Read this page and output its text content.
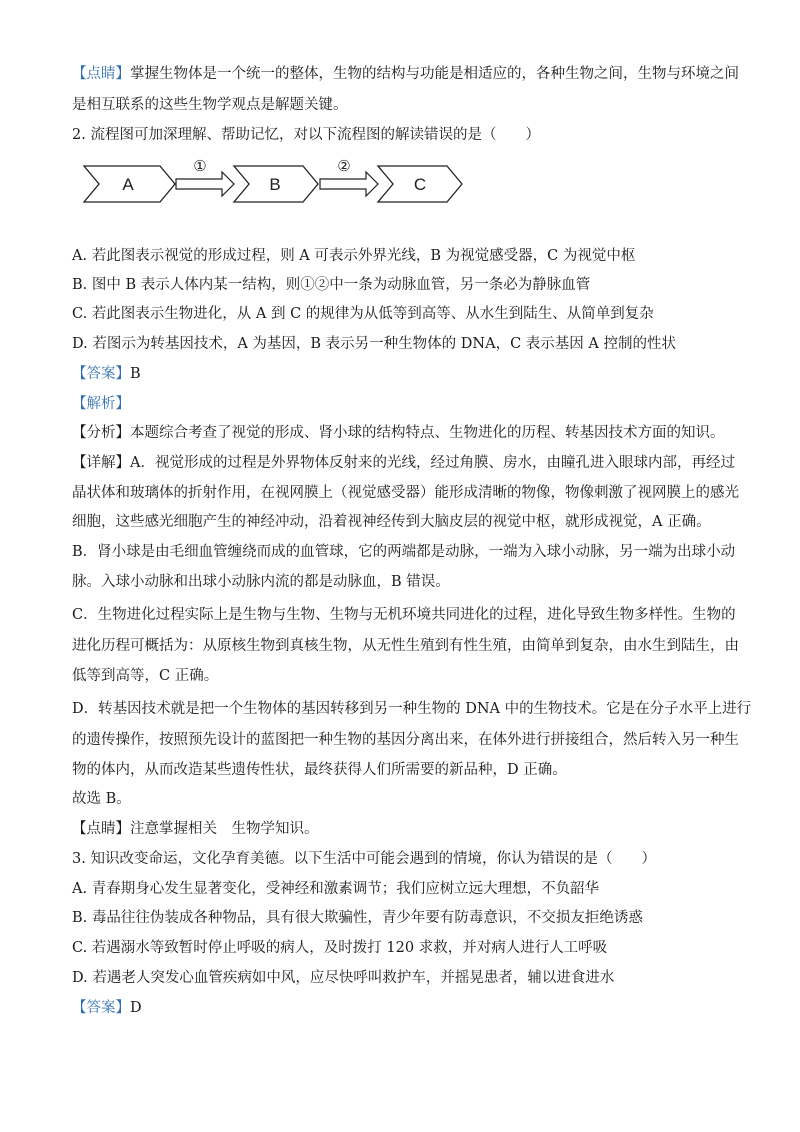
【点睛】掌握生物体是一个统一的整体，生物的结构与功能是相适应的，各种生物之间，生物与环境之间
是相互联系的这些生物学观点是解题关键。
2. 流程图可加深理解、帮助记忆，对以下流程图的解读错误的是（　　）
A
①
B
②
C
A. 若此图表示视觉的形成过程，则 A 可表示外界光线，B 为视觉感受器，C 为视觉中枢
B. 图中 B 表示人体内某一结构，则①②中一条为动脉血管，另一条必为静脉血管
C. 若此图表示生物进化，从 A 到 C 的规律为从低等到高等、从水生到陆生、从简单到复杂
D. 若图示为转基因技术，A 为基因，B 表示另一种生物体的 DNA，C 表示基因 A 控制的性状
【答案】B
【解析】
【分析】本题综合考查了视觉的形成、肾小球的结构特点、生物进化的历程、转基因技术方面的知识。
【详解】A．视觉形成的过程是外界物体反射来的光线，经过角膜、房水，由瞳孔进入眼球内部，再经过
晶状体和玻璃体的折射作用，在视网膜上（视觉感受器）能形成清晰的物像，物像刺激了视网膜上的感光
细胞，这些感光细胞产生的神经冲动，沿着视神经传到大脑皮层的视觉中枢，就形成视觉，A 正确。
B．肾小球是由毛细血管缠绕而成的血管球，它的两端都是动脉，一端为入球小动脉，另一端为出球小动
脉。入球小动脉和出球小动脉内流的都是动脉血，B 错误。
C．生物进化过程实际上是生物与生物、生物与无机环境共同进化的过程，进化导致生物多样性。生物的
进化历程可概括为：从原核生物到真核生物，从无性生殖到有性生殖，由简单到复杂，由水生到陆生，由
低等到高等，C 正确。
D．转基因技术就是把一个生物体的基因转移到另一种生物的 DNA 中的生物技术。它是在分子水平上进行
的遗传操作，按照预先设计的蓝图把一种生物的基因分离出来，在体外进行拼接组合，然后转入另一种生
物的体内，从而改造某些遗传性状，最终获得人们所需要的新品种，D 正确。
故选 B。
【点睛】注意掌握相关　生物学知识。
3. 知识改变命运，文化孕育美德。以下生活中可能会遇到的情境，你认为错误的是（　　）
A. 青春期身心发生显著变化，受神经和激素调节；我们应树立远大理想，不负韶华
B. 毒品往往伪装成各种物品，具有很大欺骗性，青少年要有防毒意识，不交损友拒绝诱惑
C. 若遇溺水等致暂时停止呼吸的病人，及时拨打 120 求救，并对病人进行人工呼吸
D. 若遇老人突发心血管疾病如中风，应尽快呼叫救护车，并摇晃患者，辅以进食进水
【答案】D
